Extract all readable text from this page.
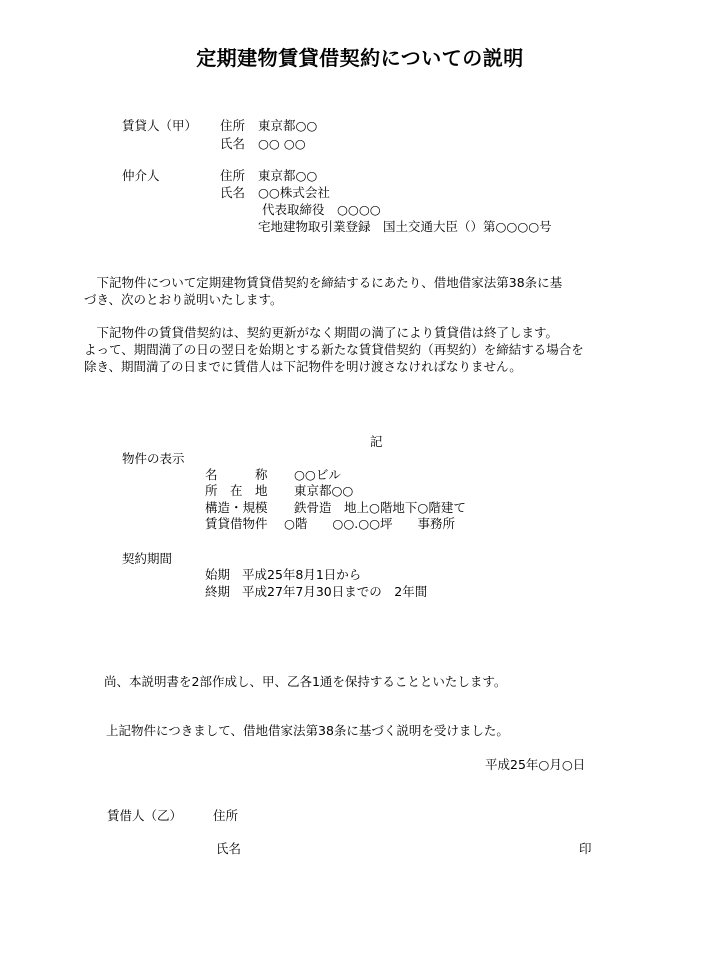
定期建物賃貸借契約についての説明
賃貸人（甲） 住所 東京都○○
氏名 ○○ ○○
仲介人	住所 東京都○○
氏名 ○○株式会社
代表取締役　○○○○
宅地建物取引業登録　国土交通大臣（）第○○○○号
　下記物件について定期建物賃貸借契約を締結するにあたり、借地借家法第38条に基
づき、次のとおり説明いたします。
　下記物件の賃貸借契約は、契約更新がなく期間の満了により賃貸借は終了します。
よって、期間満了の日の翌日を始期とする新たな賃貸借契約（再契約）を締結する場合を
除き、期間満了の日までに賃借人は下記物件を明け渡さなければなりません。
記
物件の表示
名　　　称 ○○ビル
所　在　地 東京都○○
構造・規模 鉄骨造　地上○階地下○階建て
賃貸借物件 ○階　　○○.○○坪　　事務所
契約期間
始期 平成25年8月1日から
終期 平成27年7月30日までの　2年間
尚、本説明書を2部作成し、甲、乙各1通を保持することといたします。
上記物件につきまして、借地借家法第38条に基づく説明を受けました。
平成25年○月○日
賃借人（乙） 住所
氏名	印
